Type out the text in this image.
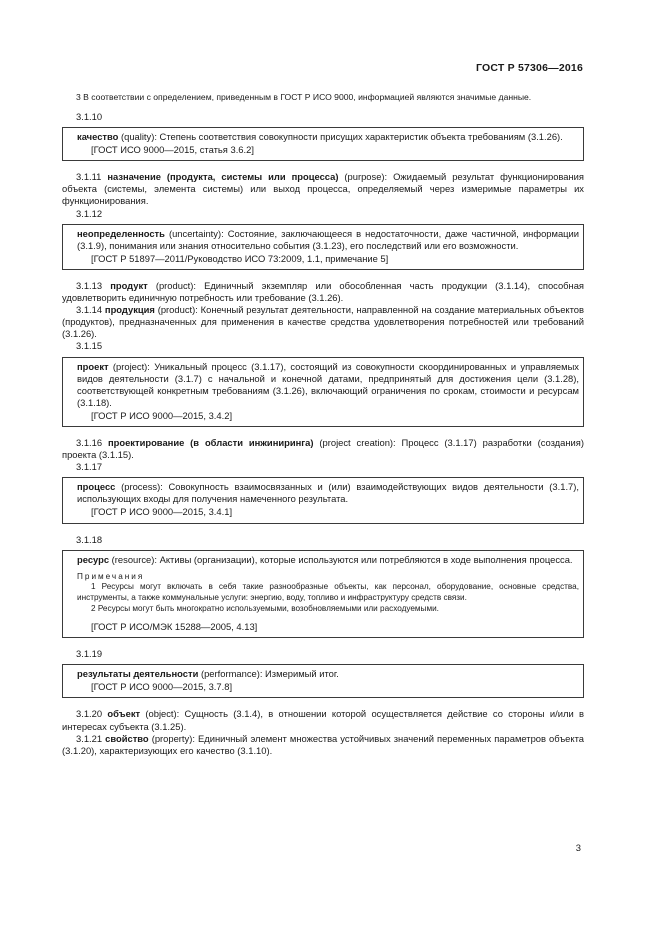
ГОСТ Р 57306—2016

3 В соответствии с определением, приведенным в ГОСТ Р ИСО 9000, информацией являются значимые данные.

3.1.10
качество (quality): Степень соответствия совокупности присущих характеристик объекта требованиям (3.1.26).
[ГОСТ ИСО 9000—2015, статья 3.6.2]

3.1.11 назначение (продукта, системы или процесса) (purpose): Ожидаемый результат функционирования объекта (системы, элемента системы) или выход процесса, определяемый через измеримые параметры их функционирования.

3.1.12
неопределенность (uncertainty): Состояние, заключающееся в недостаточности, даже частичной, информации (3.1.9), понимания или знания относительно события (3.1.23), его последствий или его возможности.
[ГОСТ Р 51897—2011/Руководство ИСО 73:2009, 1.1, примечание 5]

3.1.13 продукт (product): Единичный экземпляр или обособленная часть продукции (3.1.14), способная удовлетворить единичную потребность или требование (3.1.26).

3.1.14 продукция (product): Конечный результат деятельности, направленной на создание материальных объектов (продуктов), предназначенных для применения в качестве средства удовлетворения потребностей или требований (3.1.26).

3.1.15
проект (project): Уникальный процесс (3.1.17), состоящий из совокупности скоординированных и управляемых видов деятельности (3.1.7) с начальной и конечной датами, предпринятый для достижения цели (3.1.28), соответствующей конкретным требованиям (3.1.26), включающий ограничения по срокам, стоимости и ресурсам (3.1.18).
[ГОСТ Р ИСО 9000—2015, 3.4.2]

3.1.16 проектирование (в области инжиниринга) (project creation): Процесс (3.1.17) разработки (создания) проекта (3.1.15).

3.1.17
процесс (process): Совокупность взаимосвязанных и (или) взаимодействующих видов деятельности (3.1.7), использующих входы для получения намеченного результата.
[ГОСТ Р ИСО 9000—2015, 3.4.1]
3.1.18
ресурс (resource): Активы (организации), которые используются или потребляются в ходе выполнения процесса.
Примечания
1 Ресурсы могут включать в себя такие разнообразные объекты, как персонал, оборудование, основные средства, инструменты, а также коммунальные услуги: энергию, воду, топливо и инфраструктуру средств связи.
2 Ресурсы могут быть многократно используемыми, возобновляемыми или расходуемыми.
[ГОСТ Р ИСО/МЭК 15288—2005, 4.13]
3.1.19
результаты деятельности (performance): Измеримый итог.
[ГОСТ Р ИСО 9000—2015, 3.7.8]

3.1.20 объект (object): Сущность (3.1.4), в отношении которой осуществляется действие со стороны и/или в интересах субъекта (3.1.25).

3.1.21 свойство (property): Единичный элемент множества устойчивых значений переменных параметров объекта (3.1.20), характеризующих его качество (3.1.10).

3
